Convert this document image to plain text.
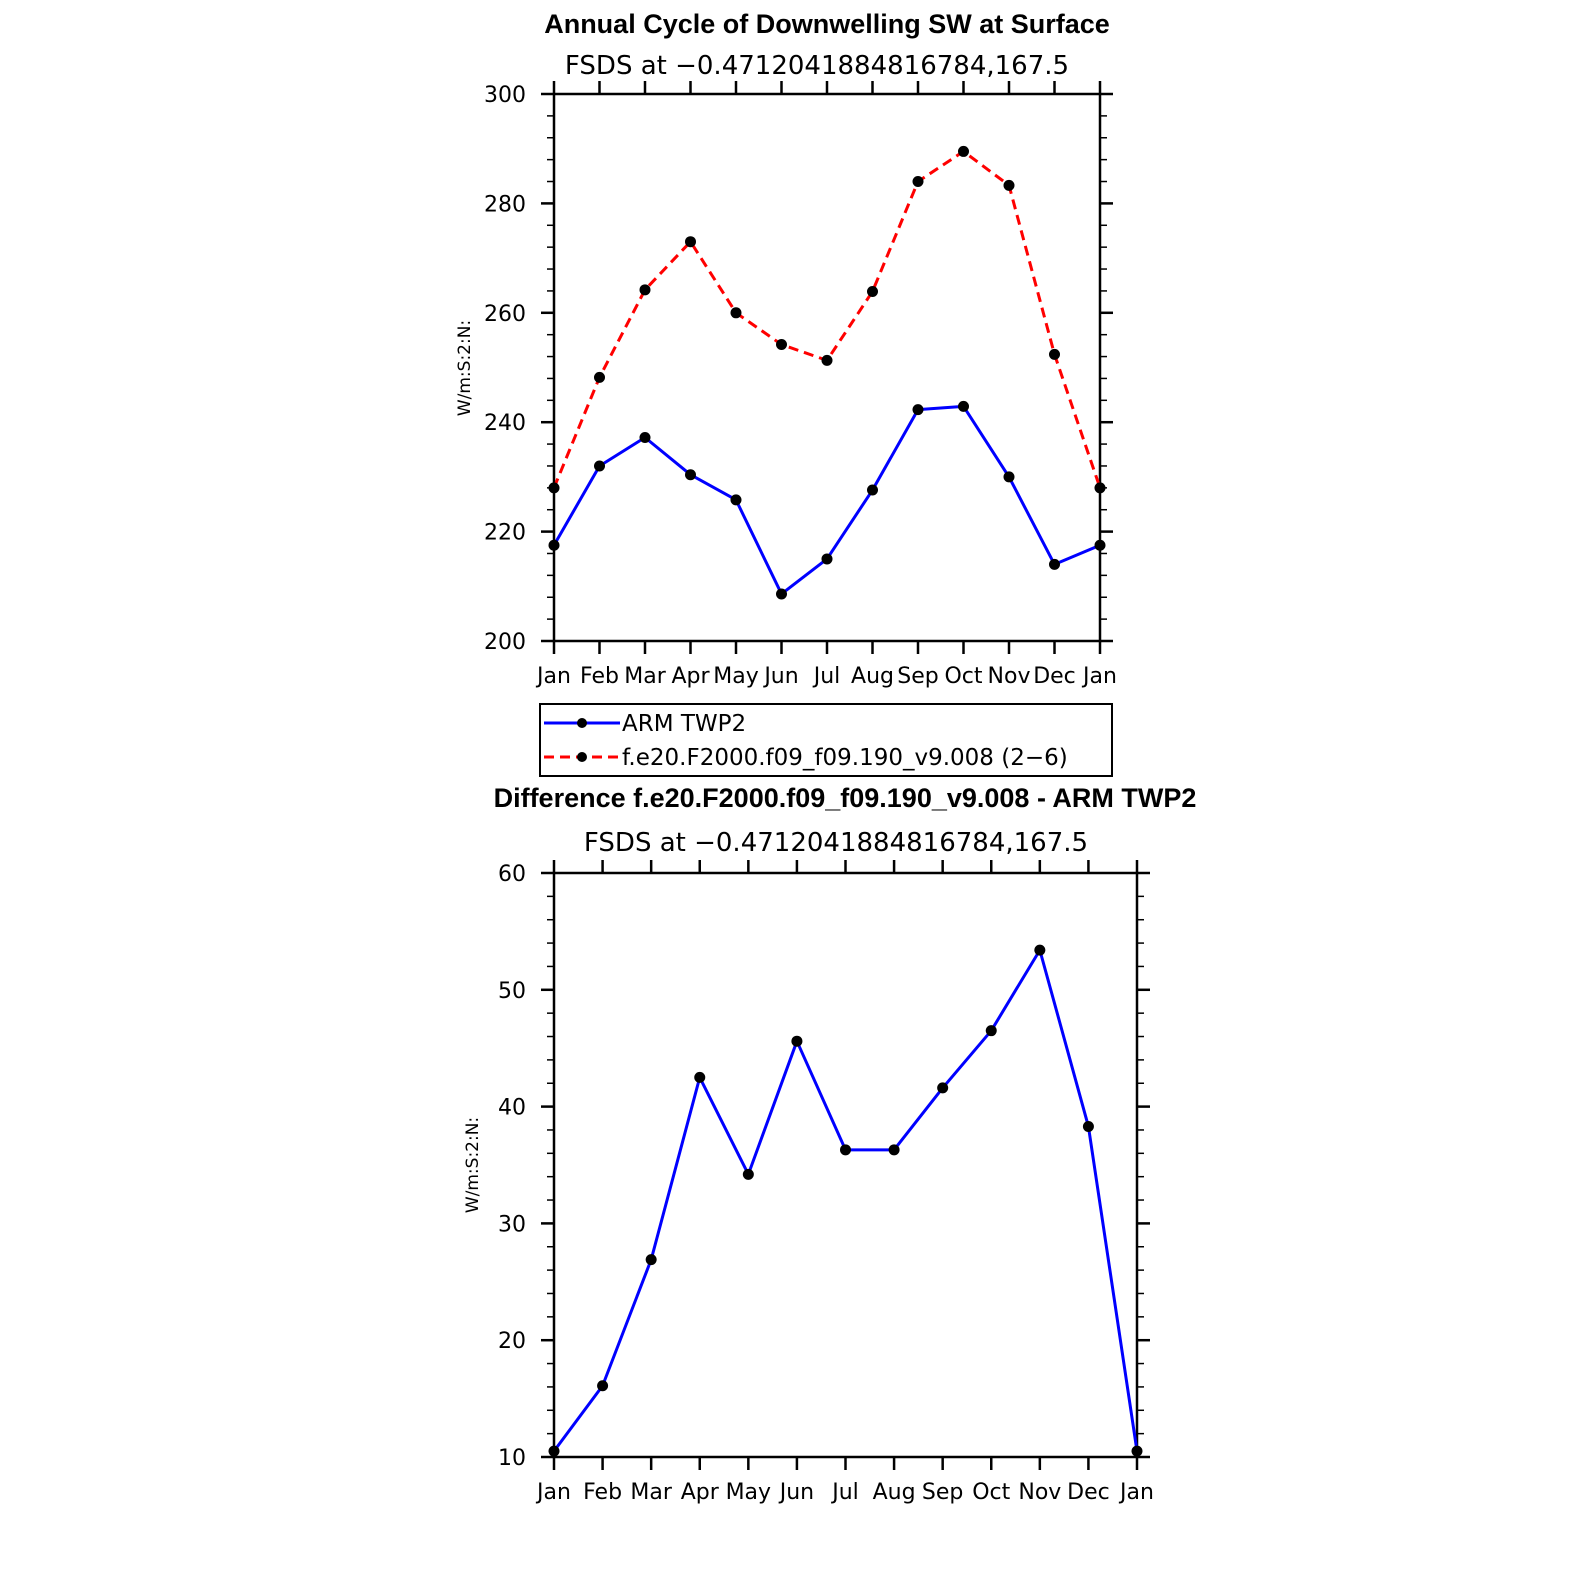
Annual Cycle of Downwelling SW at Surface
FSDS at −0.4712041884816784,167.5
W/m:S:2:N:
200
220
240
260
280
300
Jan Feb Mar Apr May Jun Jul Aug Sep Oct Nov Dec Jan
ARM TWP2
f.e20.F2000.f09_f09.190_v9.008 (2−6)
Difference f.e20.F2000.f09_f09.190_v9.008 - ARM TWP2
FSDS at −0.4712041884816784,167.5
W/m:S:2:N:
10
20
30
40
50
60
Jan Feb Mar Apr May Jun Jul Aug Sep Oct Nov Dec Jan
